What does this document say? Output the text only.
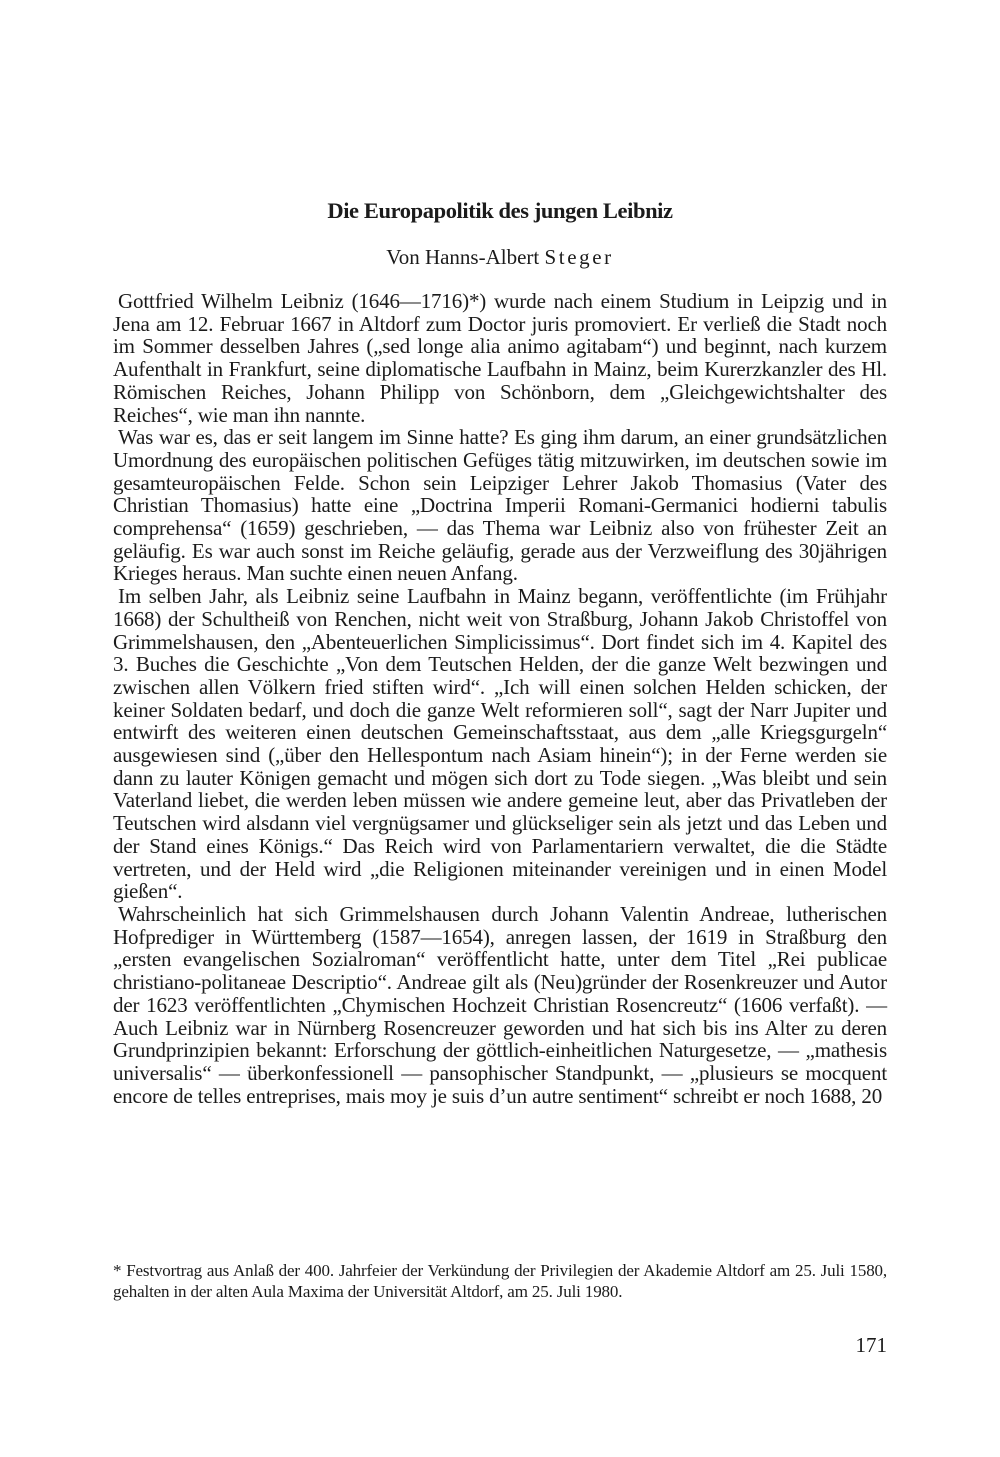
Die Europapolitik des jungen Leibniz

Von Hanns-Albert Steger

Gottfried Wilhelm Leibniz (1646—1716)*) wurde nach einem Studium in Leipzig und in Jena am 12. Februar 1667 in Altdorf zum Doctor juris promoviert. Er verließ die Stadt noch im Sommer desselben Jahres („sed longe alia animo agitabam“) und beginnt, nach kurzem Aufenthalt in Frankfurt, seine diplomatische Laufbahn in Mainz, beim Kurerzkanzler des Hl. Römischen Reiches, Johann Philipp von Schönborn, dem „Gleichgewichtshalter des Reiches“, wie man ihn nannte.

Was war es, das er seit langem im Sinne hatte? Es ging ihm darum, an einer grundsätzlichen Umordnung des europäischen politischen Gefüges tätig mitzuwirken, im deutschen sowie im gesamteuropäischen Felde. Schon sein Leipziger Lehrer Jakob Thomasius (Vater des Christian Thomasius) hatte eine „Doctrina Imperii Romani-Germanici hodierni tabulis comprehensa“ (1659) geschrieben, — das Thema war Leibniz also von frühester Zeit an geläufig. Es war auch sonst im Reiche geläufig, gerade aus der Verzweiflung des 30jährigen Krieges heraus. Man suchte einen neuen Anfang.

Im selben Jahr, als Leibniz seine Laufbahn in Mainz begann, veröffentlichte (im Frühjahr 1668) der Schultheiß von Renchen, nicht weit von Straßburg, Johann Jakob Christoffel von Grimmelshausen, den „Abenteuerlichen Simplicissimus“. Dort findet sich im 4. Kapitel des 3. Buches die Geschichte „Von dem Teutschen Helden, der die ganze Welt bezwingen und zwischen allen Völkern fried stiften wird“. „Ich will einen solchen Helden schicken, der keiner Soldaten bedarf, und doch die ganze Welt reformieren soll“, sagt der Narr Jupiter und entwirft des weiteren einen deutschen Gemeinschaftsstaat, aus dem „alle Kriegsgurgeln“ ausgewiesen sind („über den Hellespontum nach Asiam hinein“); in der Ferne werden sie dann zu lauter Königen gemacht und mögen sich dort zu Tode siegen. „Was bleibt und sein Vaterland liebet, die werden leben müssen wie andere gemeine leut, aber das Privatleben der Teutschen wird alsdann viel vergnügsamer und glückseliger sein als jetzt und das Leben und der Stand eines Königs.“ Das Reich wird von Parlamentariern verwaltet, die die Städte vertreten, und der Held wird „die Religionen miteinander vereinigen und in einen Model gießen“.

Wahrscheinlich hat sich Grimmelshausen durch Johann Valentin Andreae, lutherischen Hofprediger in Württemberg (1587—1654), anregen lassen, der 1619 in Straßburg den „ersten evangelischen Sozialroman“ veröffentlicht hatte, unter dem Titel „Rei publicae christiano-politaneae Descriptio“. Andreae gilt als (Neu)gründer der Rosenkreuzer und Autor der 1623 veröffentlichten „Chymischen Hochzeit Christian Rosencreutz“ (1606 verfaßt). — Auch Leibniz war in Nürnberg Rosencreuzer geworden und hat sich bis ins Alter zu deren Grundprinzipien bekannt: Erforschung der göttlich-einheitlichen Naturgesetze, — „mathesis universalis“ — überkonfessionell — pansophischer Standpunkt, — „plusieurs se mocquent encore de telles entreprises, mais moy je suis d’un autre sentiment“ schreibt er noch 1688, 20

* Festvortrag aus Anlaß der 400. Jahrfeier der Verkündung der Privilegien der Akademie Altdorf am 25. Juli 1580, gehalten in der alten Aula Maxima der Universität Altdorf, am 25. Juli 1980.

171
